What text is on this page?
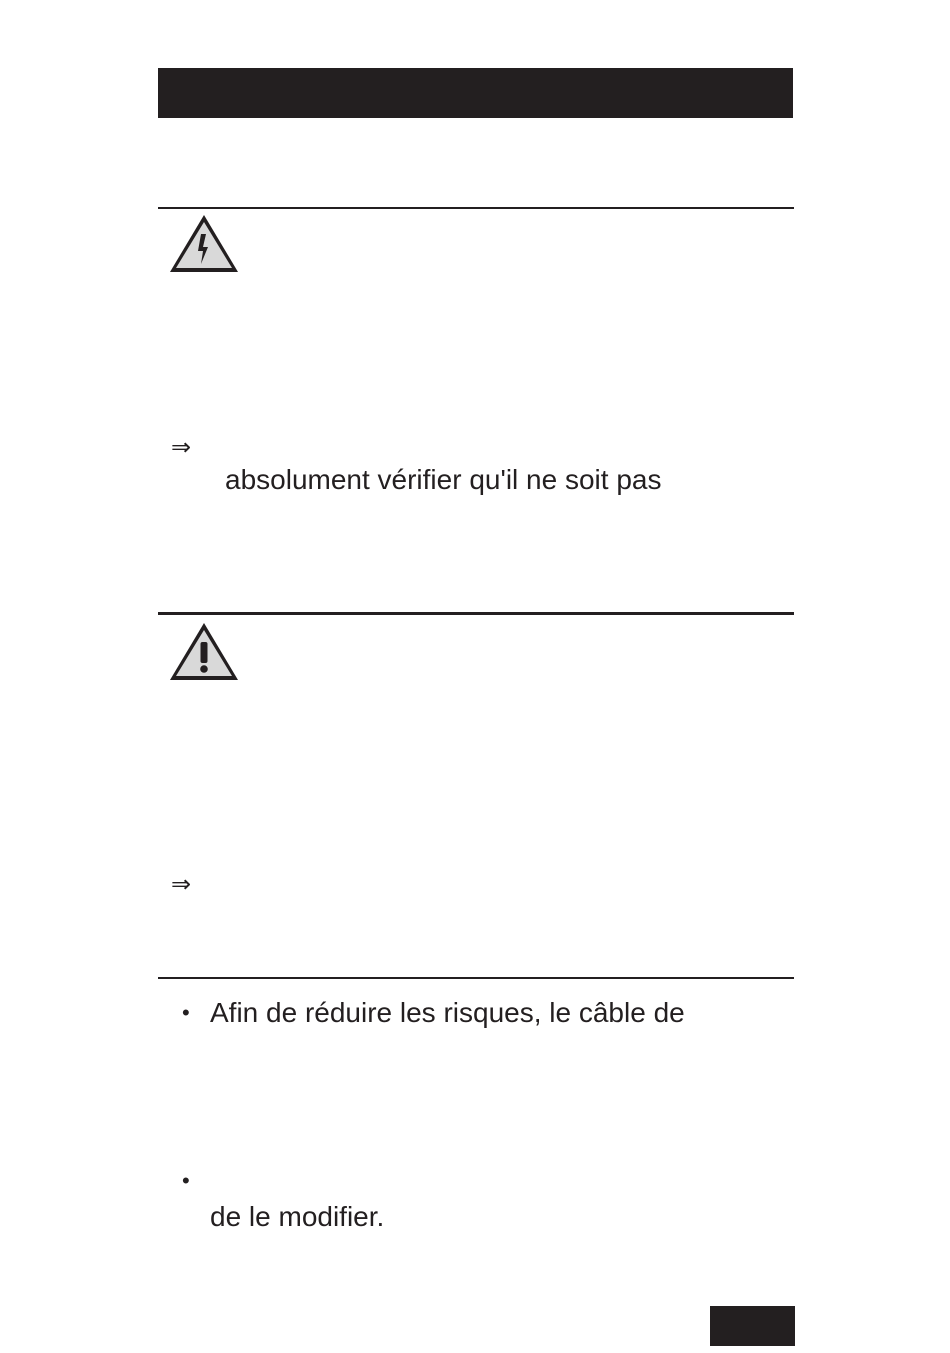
⇒
absolument vérifier qu'il ne soit pas
⇒
• Afin de réduire les risques, le câble de
•
de le modifier.
